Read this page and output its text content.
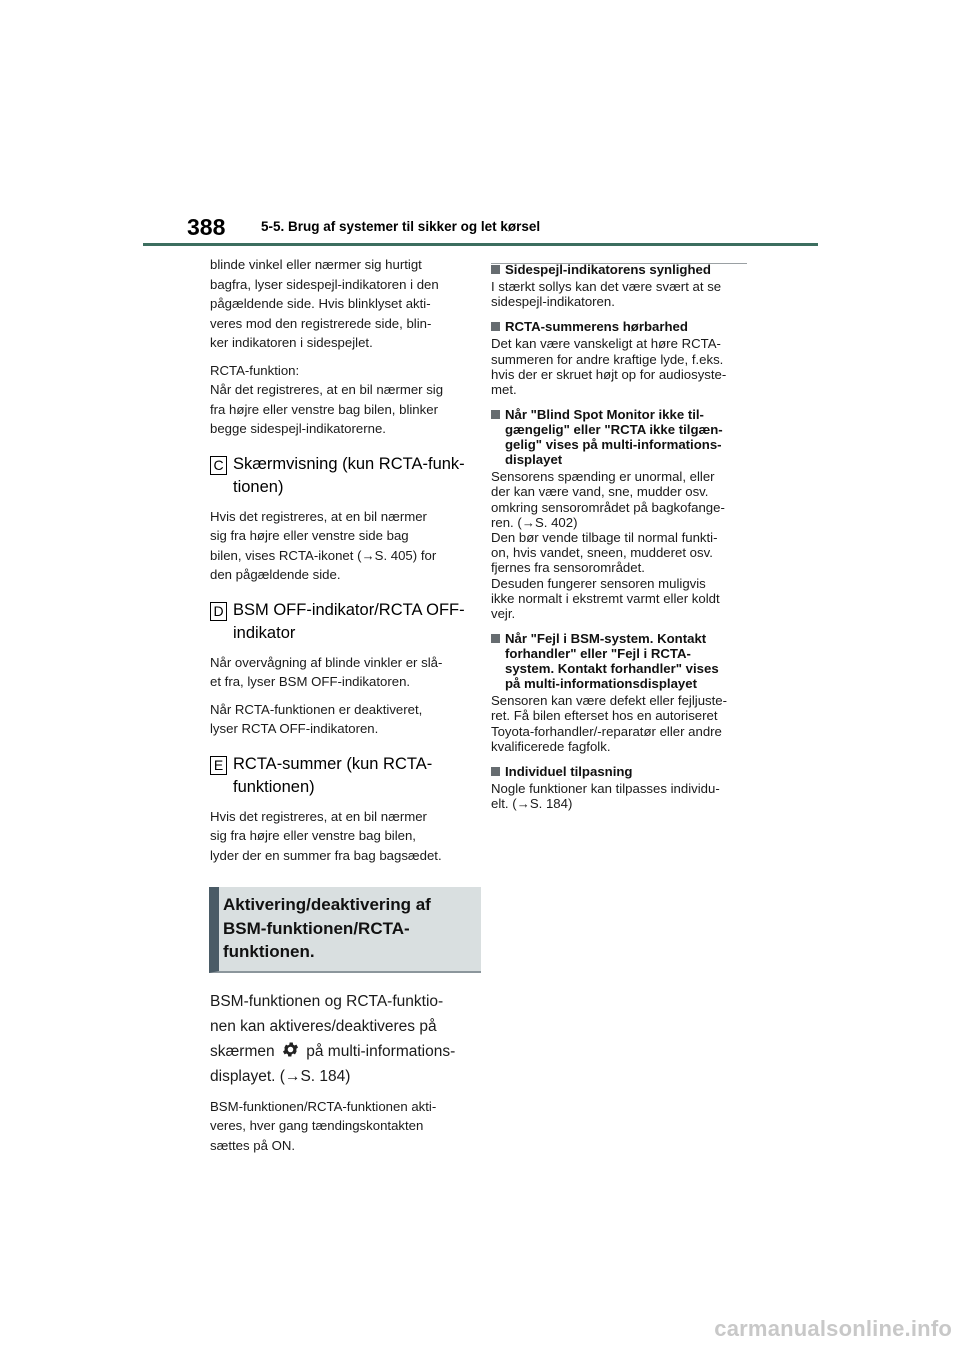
388	5-5. Brug af systemer til sikker og let kørsel
blinde vinkel eller nærmer sig hurtigt
bagfra, lyser sidespejl-indikatoren i den
pågældende side. Hvis blinklyset akti-
veres mod den registrerede side, blin-
ker indikatoren i sidespejlet.
RCTA-funktion:
Når det registreres, at en bil nærmer sig
fra højre eller venstre bag bilen, blinker
begge sidespejl-indikatorerne.
C Skærmvisning (kun RCTA-funk-
tionen)
Hvis det registreres, at en bil nærmer
sig fra højre eller venstre side bag
bilen, vises RCTA-ikonet (→S. 405) for
den pågældende side.
D BSM OFF-indikator/RCTA OFF-
indikator
Når overvågning af blinde vinkler er slå-
et fra, lyser BSM OFF-indikatoren.
Når RCTA-funktionen er deaktiveret,
lyser RCTA OFF-indikatoren.
E RCTA-summer (kun RCTA-
funktionen)
Hvis det registreres, at en bil nærmer
sig fra højre eller venstre bag bilen,
lyder der en summer fra bag bagsædet.
Aktivering/deaktivering af
BSM-funktionen/RCTA-
funktionen.
BSM-funktionen og RCTA-funktio-
nen kan aktiveres/deaktiveres på
skærmen på multi-informations-
displayet. (→S. 184)
BSM-funktionen/RCTA-funktionen akti-
veres, hver gang tændingskontakten
sættes på ON.
Sidespejl-indikatorens synlighed
I stærkt sollys kan det være svært at se
sidespejl-indikatoren.
RCTA-summerens hørbarhed
Det kan være vanskeligt at høre RCTA-
summeren for andre kraftige lyde, f.eks.
hvis der er skruet højt op for audiosyste-
met.
Når "Blind Spot Monitor ikke til-
gængelig" eller "RCTA ikke tilgæn-
gelig" vises på multi-informations-
displayet
Sensorens spænding er unormal, eller
der kan være vand, sne, mudder osv.
omkring sensorområdet på bagkofange-
ren. (→S. 402)
Den bør vende tilbage til normal funkti-
on, hvis vandet, sneen, mudderet osv.
fjernes fra sensorområdet.
Desuden fungerer sensoren muligvis
ikke normalt i ekstremt varmt eller koldt
vejr.
Når "Fejl i BSM-system. Kontakt
forhandler" eller "Fejl i RCTA-
system. Kontakt forhandler" vises
på multi-informationsdisplayet
Sensoren kan være defekt eller fejljuste-
ret. Få bilen efterset hos en autoriseret
Toyota-forhandler/-reparatør eller andre
kvalificerede fagfolk.
Individuel tilpasning
Nogle funktioner kan tilpasses individu-
elt. (→S. 184)
carmanualsonline.info
